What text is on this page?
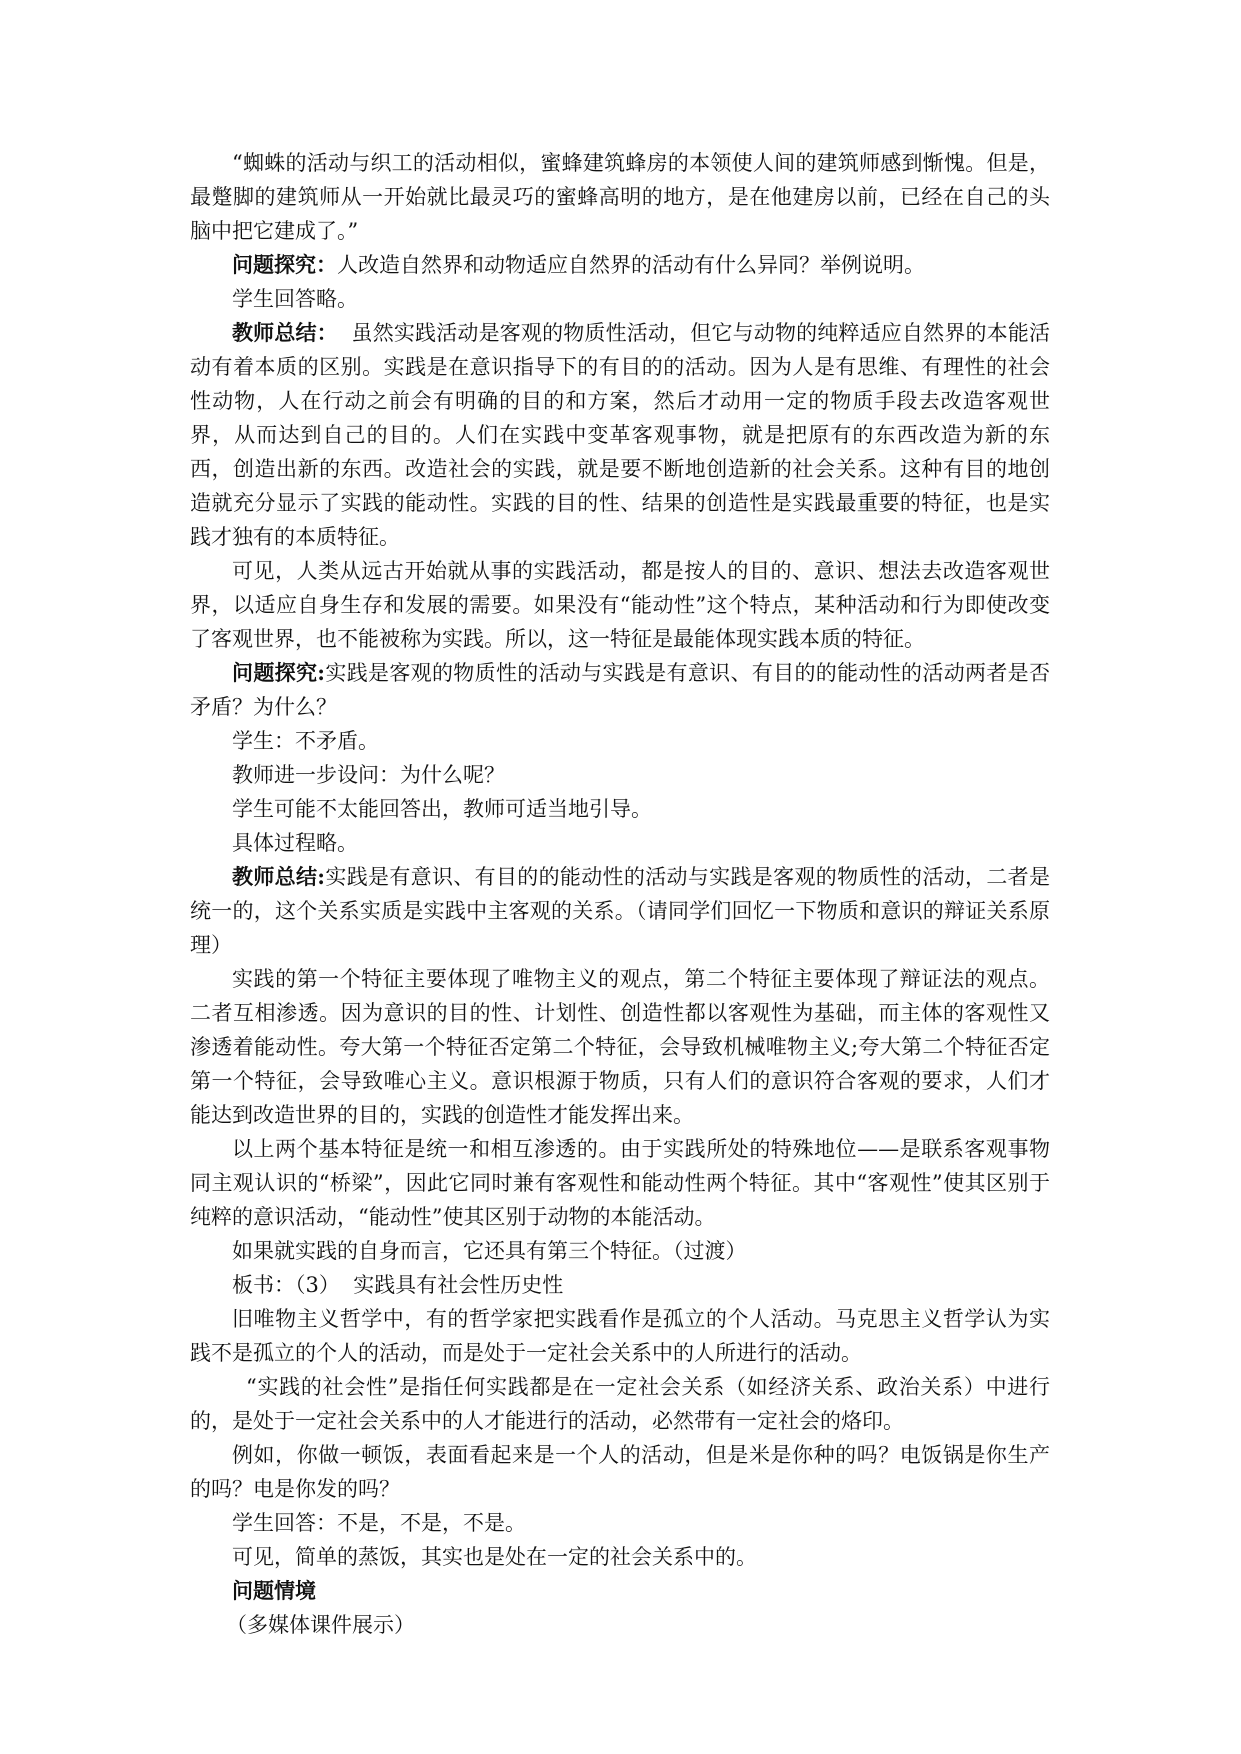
“蜘蛛的活动与织工的活动相似，蜜蜂建筑蜂房的本领使人间的建筑师感到惭愧。但是，最蹩脚的建筑师从一开始就比最灵巧的蜜蜂高明的地方，是在他建房以前，已经在自己的头脑中把它建成了。”

问题探究：人改造自然界和动物适应自然界的活动有什么异同？举例说明。

学生回答略。

教师总结：  虽然实践活动是客观的物质性活动，但它与动物的纯粹适应自然界的本能活动有着本质的区别。实践是在意识指导下的有目的的活动。因为人是有思维、有理性的社会性动物，人在行动之前会有明确的目的和方案，然后才动用一定的物质手段去改造客观世界，从而达到自己的目的。人们在实践中变革客观事物，就是把原有的东西改造为新的东西，创造出新的东西。改造社会的实践，就是要不断地创造新的社会关系。这种有目的地创造就充分显示了实践的能动性。实践的目的性、结果的创造性是实践最重要的特征，也是实践才独有的本质特征。

可见，人类从远古开始就从事的实践活动，都是按人的目的、意识、想法去改造客观世界，以适应自身生存和发展的需要。如果没有“能动性”这个特点，某种活动和行为即使改变了客观世界，也不能被称为实践。所以，这一特征是最能体现实践本质的特征。

问题探究:实践是客观的物质性的活动与实践是有意识、有目的的能动性的活动两者是否矛盾？为什么？

学生：不矛盾。

教师进一步设问：为什么呢？

学生可能不太能回答出，教师可适当地引导。

具体过程略。

教师总结:实践是有意识、有目的的能动性的活动与实践是客观的物质性的活动，二者是统一的，这个关系实质是实践中主客观的关系。（请同学们回忆一下物质和意识的辩证关系原理）

实践的第一个特征主要体现了唯物主义的观点，第二个特征主要体现了辩证法的观点。二者互相渗透。因为意识的目的性、计划性、创造性都以客观性为基础，而主体的客观性又渗透着能动性。夸大第一个特征否定第二个特征，会导致机械唯物主义;夸大第二个特征否定第一个特征，会导致唯心主义。意识根源于物质，只有人们的意识符合客观的要求，人们才能达到改造世界的目的，实践的创造性才能发挥出来。

以上两个基本特征是统一和相互渗透的。由于实践所处的特殊地位——是联系客观事物同主观认识的“桥梁”，因此它同时兼有客观性和能动性两个特征。其中“客观性”使其区别于纯粹的意识活动，“能动性”使其区别于动物的本能活动。

如果就实践的自身而言，它还具有第三个特征。（过渡）

板书：（3）  实践具有社会性历史性

旧唯物主义哲学中，有的哲学家把实践看作是孤立的个人活动。马克思主义哲学认为实践不是孤立的个人的活动，而是处于一定社会关系中的人所进行的活动。

“实践的社会性”是指任何实践都是在一定社会关系（如经济关系、政治关系）中进行的，是处于一定社会关系中的人才能进行的活动，必然带有一定社会的烙印。

例如，你做一顿饭，表面看起来是一个人的活动，但是米是你种的吗？电饭锅是你生产的吗？电是你发的吗？

学生回答：不是，不是，不是。

可见，简单的蒸饭，其实也是处在一定的社会关系中的。

问题情境

（多媒体课件展示）
